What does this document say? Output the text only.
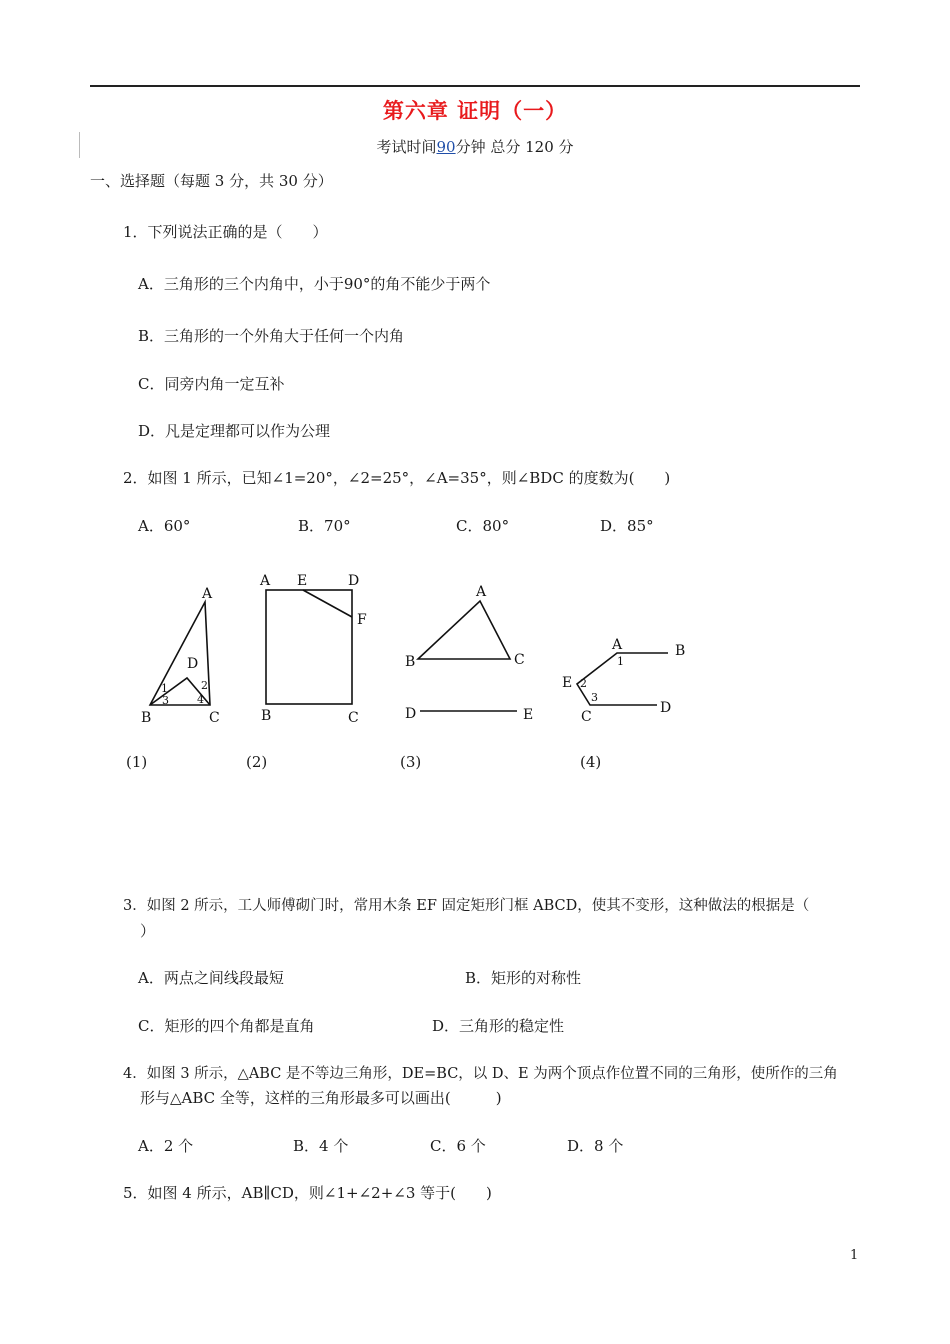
第六章 证明（一）
考试时间90分钟 总分 120 分
一、选择题（每题 3 分，共 30 分）
1．下列说法正确的是（　　）
A．三角形的三个内角中，小于90°的角不能少于两个
B．三角形的一个外角大于任何一个内角
C．同旁内角一定互补
D．凡是定理都可以作为公理
2．如图 1 所示，已知∠1=20°，∠2=25°，∠A=35°，则∠BDC 的度数为(　　)
A．60°	B．70°	C．80°	D．85°
A
B	C
D
1	2
3	4
A E	D
F
B	C
A
B	C
D	E
A	B
E
C
D
1
2
3
(1)	(2)	(3)	(4)
3．如图 2 所示，工人师傅砌门时，常用木条 EF 固定矩形门框 ABCD，使其不变形，这种做法的根据是（
）
A．两点之间线段最短	B．矩形的对称性
C．矩形的四个角都是直角	D．三角形的稳定性
4．如图 3 所示，△ABC 是不等边三角形，DE=BC，以 D、E 为两个顶点作位置不同的三角形，使所作的三角
形与△ABC 全等，这样的三角形最多可以画出(　　　)
A．2 个	B．4 个	C．6 个	D．8 个
5．如图 4 所示，AB∥CD，则∠1+∠2+∠3 等于(　　)
1
